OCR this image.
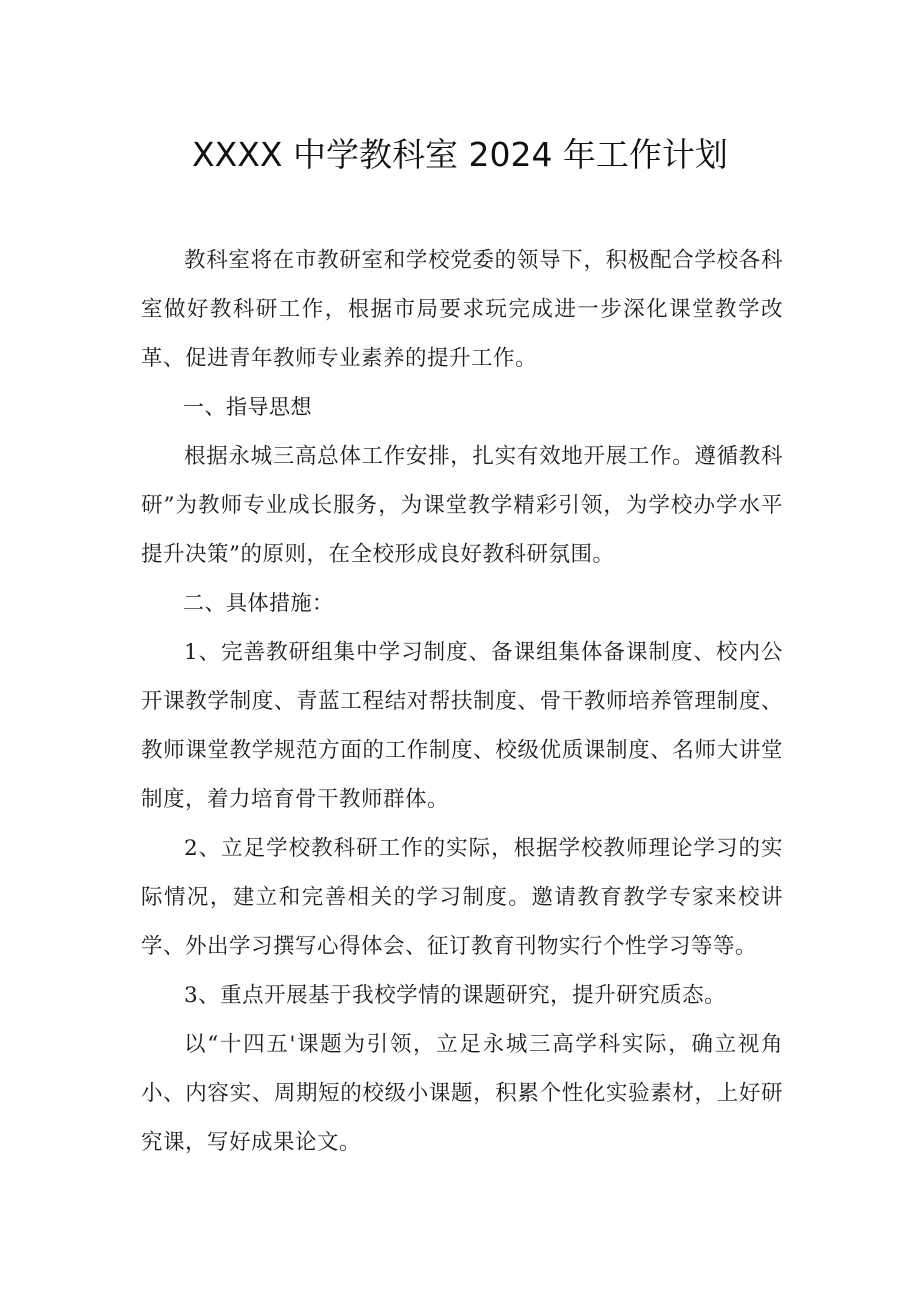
XXXX 中学教科室 2024 年工作计划

教科室将在市教研室和学校党委的领导下，积极配合学校各科室做好教科研工作，根据市局要求玩完成进一步深化课堂教学改革、促进青年教师专业素养的提升工作。

一、指导思想

根据永城三高总体工作安排，扎实有效地开展工作。遵循教科研”为教师专业成长服务，为课堂教学精彩引领，为学校办学水平提升决策”的原则，在全校形成良好教科研氛围。

二、具体措施：

1、完善教研组集中学习制度、备课组集体备课制度、校内公开课教学制度、青蓝工程结对帮扶制度、骨干教师培养管理制度、教师课堂教学规范方面的工作制度、校级优质课制度、名师大讲堂制度，着力培育骨干教师群体。

2、立足学校教科研工作的实际，根据学校教师理论学习的实际情况，建立和完善相关的学习制度。邀请教育教学专家来校讲学、外出学习撰写心得体会、征订教育刊物实行个性学习等等。

3、重点开展基于我校学情的课题研究，提升研究质态。

以“十四五'课题为引领，立足永城三高学科实际，确立视角小、内容实、周期短的校级小课题，积累个性化实验素材，上好研究课，写好成果论文。
